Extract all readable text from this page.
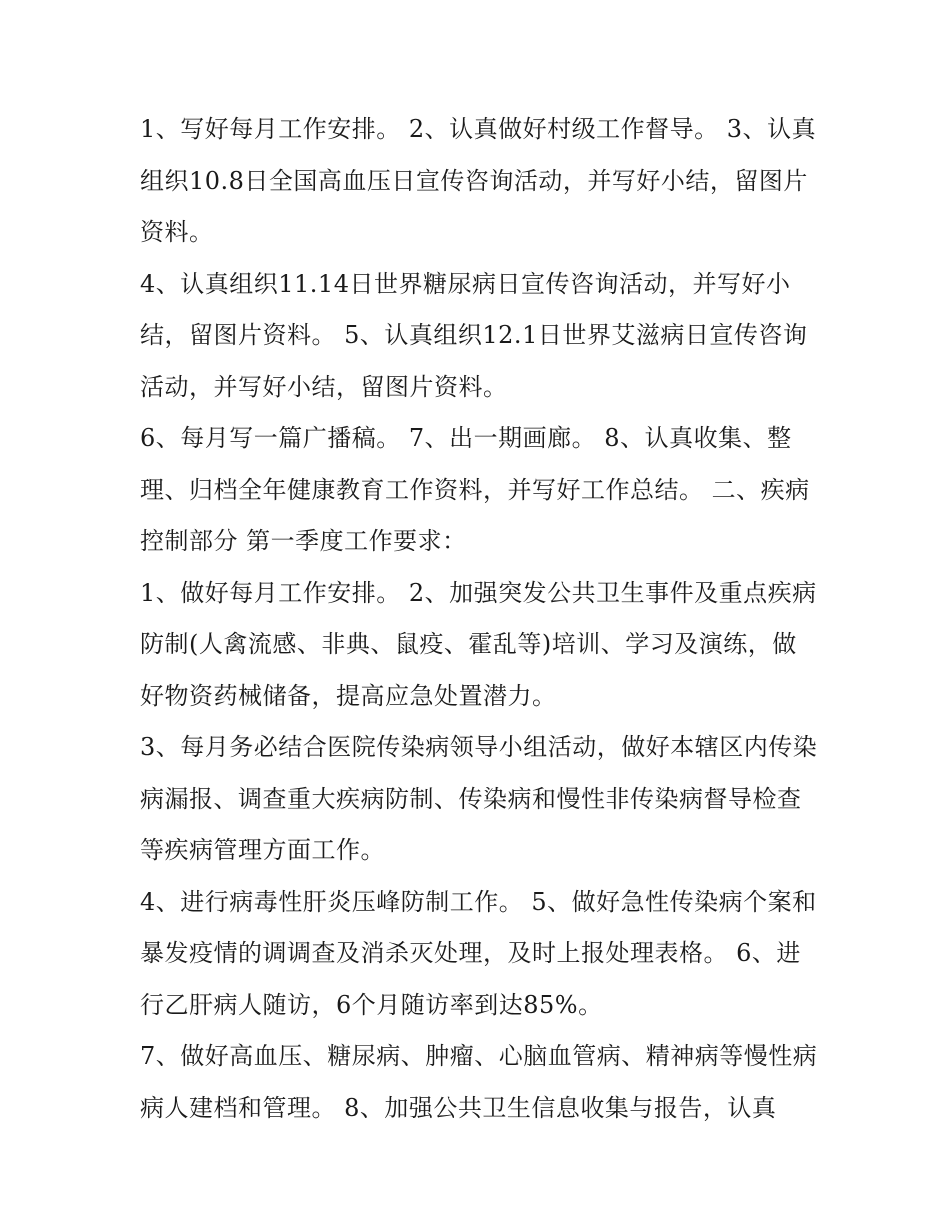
1、写好每月工作安排。 2、认真做好村级工作督导。 3、认真组织10.8日全国高血压日宣传咨询活动，并写好小结，留图片资料。

4、认真组织11.14日世界糖尿病日宣传咨询活动，并写好小结，留图片资料。 5、认真组织12.1日世界艾滋病日宣传咨询活动，并写好小结，留图片资料。

6、每月写一篇广播稿。 7、出一期画廊。 8、认真收集、整理、归档全年健康教育工作资料，并写好工作总结。 二、疾病控制部分 第一季度工作要求：

1、做好每月工作安排。 2、加强突发公共卫生事件及重点疾病防制(人禽流感、非典、鼠疫、霍乱等)培训、学习及演练，做好物资药械储备，提高应急处置潜力。

3、每月务必结合医院传染病领导小组活动，做好本辖区内传染病漏报、调查重大疾病防制、传染病和慢性非传染病督导检查等疾病管理方面工作。

4、进行病毒性肝炎压峰防制工作。 5、做好急性传染病个案和暴发疫情的调调查及消杀灭处理，及时上报处理表格。 6、进行乙肝病人随访，6个月随访率到达85%。

7、做好高血压、糖尿病、肿瘤、心脑血管病、精神病等慢性病病人建档和管理。 8、加强公共卫生信息收集与报告，认真
